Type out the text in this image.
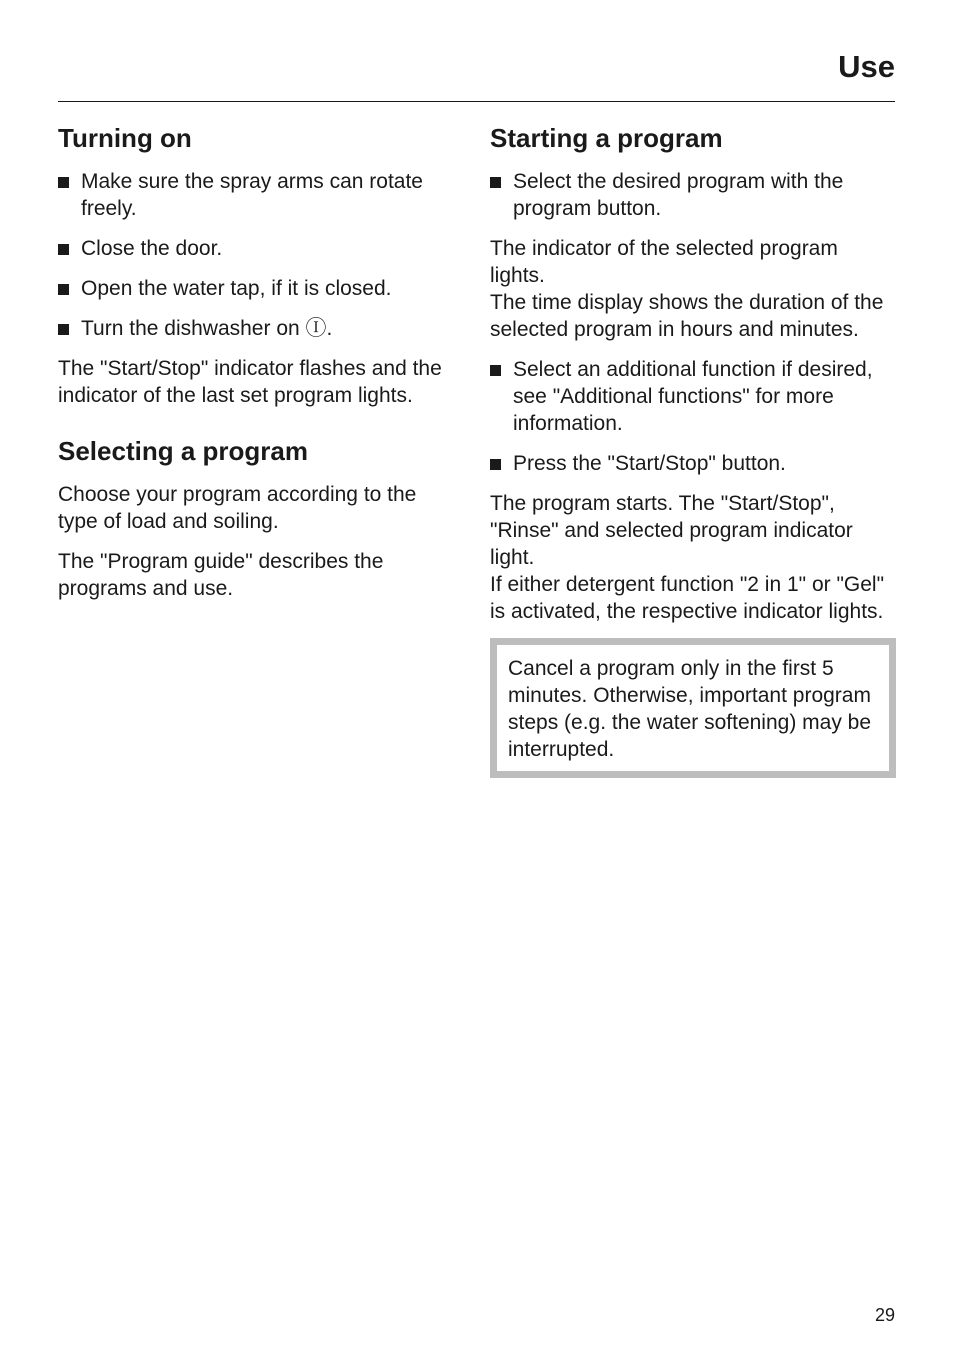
Use
Turning on
Make sure the spray arms can rotate freely.
Close the door.
Open the water tap, if it is closed.
Turn the dishwasher on Ⓘ.

The "Start/Stop" indicator flashes and the indicator of the last set program lights.

Selecting a program

Choose your program according to the type of load and soiling.

The "Program guide" describes the programs and use.

Starting a program
Select the desired program with the program button.

The indicator of the selected program lights.
The time display shows the duration of the selected program in hours and minutes.

Select an additional function if desired, see "Additional functions" for more information.
Press the "Start/Stop" button.

The program starts. The "Start/Stop", "Rinse" and selected program indicator light.
If either detergent function "2 in 1" or "Gel" is activated, the respective indicator lights.

Cancel a program only in the first 5 minutes. Otherwise, important program steps (e.g. the water softening) may be interrupted.

29
